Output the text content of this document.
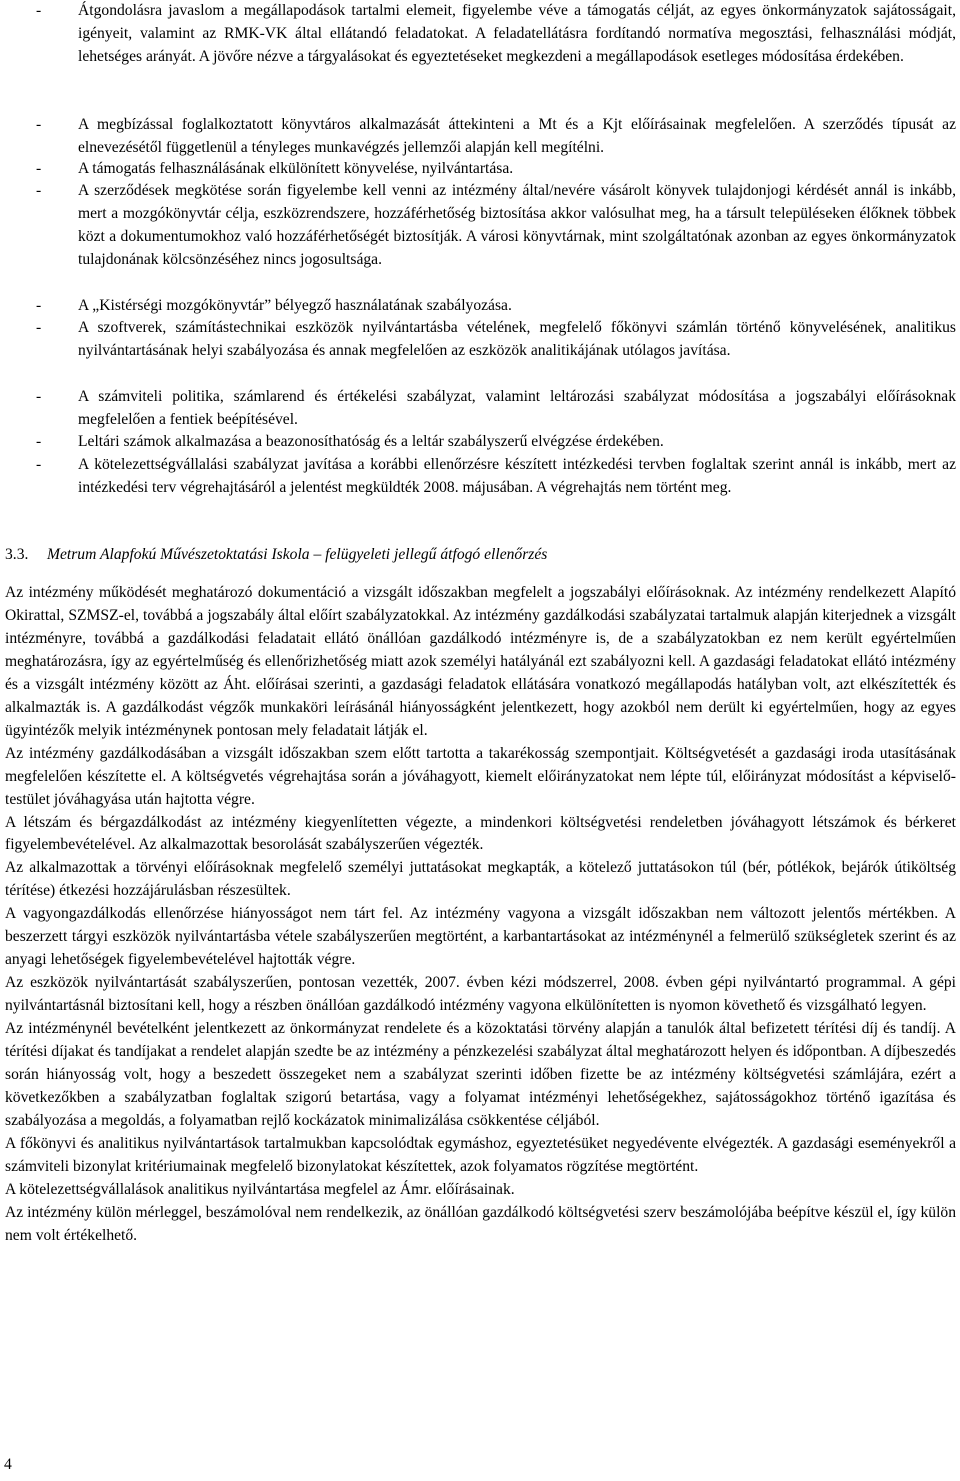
- Átgondolásra javaslom a megállapodások tartalmi elemeit, figyelembe véve a támogatás célját, az egyes önkormányzatok sajátosságait, igényeit, valamint az RMK-VK által ellátandó feladatokat. A feladatellátásra fordítandó normatíva megosztási, felhasználási módját, lehetséges arányát. A jövőre nézve a tárgyalásokat és egyeztetéseket megkezdeni a megállapodások esetleges módosítása érdekében.
- A megbízással foglalkoztatott könyvtáros alkalmazását áttekinteni a Mt és a Kjt előírásainak megfelelően. A szerződés típusát az elnevezésétől függetlenül a tényleges munkavégzés jellemzői alapján kell megítélni.
- A támogatás felhasználásának elkülönített könyvelése, nyilvántartása.
- A szerződések megkötése során figyelembe kell venni az intézmény által/nevére vásárolt könyvek tulajdonjogi kérdését annál is inkább, mert a mozgókönyvtár célja, eszközrendszere, hozzáférhetőség biztosítása akkor valósulhat meg, ha a társult településeken élőknek többek közt a dokumentumokhoz való hozzáférhetőségét biztosítják. A városi könyvtárnak, mint szolgáltatónak azonban az egyes önkormányzatok tulajdonának kölcsönzéséhez nincs jogosultsága.
- A „Kistérségi mozgókönyvtár” bélyegző használatának szabályozása.
- A szoftverek, számítástechnikai eszközök nyilvántartásba vételének, megfelelő főkönyvi számlán történő könyvelésének, analitikus nyilvántartásának helyi szabályozása és annak megfelelően az eszközök analitikájának utólagos javítása.
- A számviteli politika, számlarend és értékelési szabályzat, valamint leltározási szabályzat módosítása a jogszabályi előírásoknak megfelelően a fentiek beépítésével.
- Leltári számok alkalmazása a beazonosíthatóság és a leltár szabályszerű elvégzése érdekében.
- A kötelezettségvállalási szabályzat javítása a korábbi ellenőrzésre készített intézkedési tervben foglaltak szerint annál is inkább, mert az intézkedési terv végrehajtásáról a jelentést megküldték 2008. májusában. A végrehajtás nem történt meg.
3.3. Metrum Alapfokú Művészetoktatási Iskola – felügyeleti jellegű átfogó ellenőrzés

Az intézmény működését meghatározó dokumentáció a vizsgált időszakban megfelelt a jogszabályi előírásoknak. Az intézmény rendelkezett Alapító Okirattal, SZMSZ-el, továbbá a jogszabály által előírt szabályzatokkal. Az intézmény gazdálkodási szabályzatai tartalmuk alapján kiterjednek a vizsgált intézményre, továbbá a gazdálkodási feladatait ellátó önállóan gazdálkodó intézményre is, de a szabályzatokban ez nem került egyértelműen meghatározásra, így az egyértelműség és ellenőrizhetőség miatt azok személyi hatályánál ezt szabályozni kell. A gazdasági feladatokat ellátó intézmény és a vizsgált intézmény között az Áht. előírásai szerinti, a gazdasági feladatok ellátására vonatkozó megállapodás hatályban volt, azt elkészítették és alkalmazták is. A gazdálkodást végzők munkaköri leírásánál hiányosságként jelentkezett, hogy azokból nem derült ki egyértelműen, hogy az egyes ügyintézők melyik intézménynek pontosan mely feladatait látják el.

Az intézmény gazdálkodásában a vizsgált időszakban szem előtt tartotta a takarékosság szempontjait. Költségvetését a gazdasági iroda utasításának megfelelően készítette el. A költségvetés végrehajtása során a jóváhagyott, kiemelt előirányzatokat nem lépte túl, előirányzat módosítást a képviselő-testület jóváhagyása után hajtotta végre.

A létszám és bérgazdálkodást az intézmény kiegyenlítetten végezte, a mindenkori költségvetési rendeletben jóváhagyott létszámok és bérkeret figyelembevételével. Az alkalmazottak besorolását szabályszerűen végezték.

Az alkalmazottak a törvényi előírásoknak megfelelő személyi juttatásokat megkapták, a kötelező juttatásokon túl (bér, pótlékok, bejárók útiköltség térítése) étkezési hozzájárulásban részesültek.

A vagyongazdálkodás ellenőrzése hiányosságot nem tárt fel. Az intézmény vagyona a vizsgált időszakban nem változott jelentős mértékben. A beszerzett tárgyi eszközök nyilvántartásba vétele szabályszerűen megtörtént, a karbantartásokat az intézménynél a felmerülő szükségletek szerint és az anyagi lehetőségek figyelembevételével hajtották végre.

Az eszközök nyilvántartását szabályszerűen, pontosan vezették, 2007. évben kézi módszerrel, 2008. évben gépi nyilvántartó programmal. A gépi nyilvántartásnál biztosítani kell, hogy a részben önállóan gazdálkodó intézmény vagyona elkülönítetten is nyomon követhető és vizsgálható legyen.

Az intézménynél bevételként jelentkezett az önkormányzat rendelete és a közoktatási törvény alapján a tanulók által befizetett térítési díj és tandíj. A térítési díjakat és tandíjakat a rendelet alapján szedte be az intézmény a pénzkezelési szabályzat által meghatározott helyen és időpontban. A díjbeszedés során hiányosság volt, hogy a beszedett összegeket nem a szabályzat szerinti időben fizette be az intézmény költségvetési számlájára, ezért a következőkben a szabályzatban foglaltak szigorú betartása, vagy a folyamat intézményi lehetőségekhez, sajátosságokhoz történő igazítása és szabályozása a megoldás, a folyamatban rejlő kockázatok minimalizálása csökkentése céljából.

A főkönyvi és analitikus nyilvántartások tartalmukban kapcsolódtak egymáshoz, egyeztetésüket negyedévente elvégezték. A gazdasági eseményekről a számviteli bizonylat kritériumainak megfelelő bizonylatokat készítettek, azok folyamatos rögzítése megtörtént.

A kötelezettségvállalások analitikus nyilvántartása megfelel az Ámr. előírásainak.

Az intézmény külön mérleggel, beszámolóval nem rendelkezik, az önállóan gazdálkodó költségvetési szerv beszámolójába beépítve készül el, így külön nem volt értékelhető.

4
